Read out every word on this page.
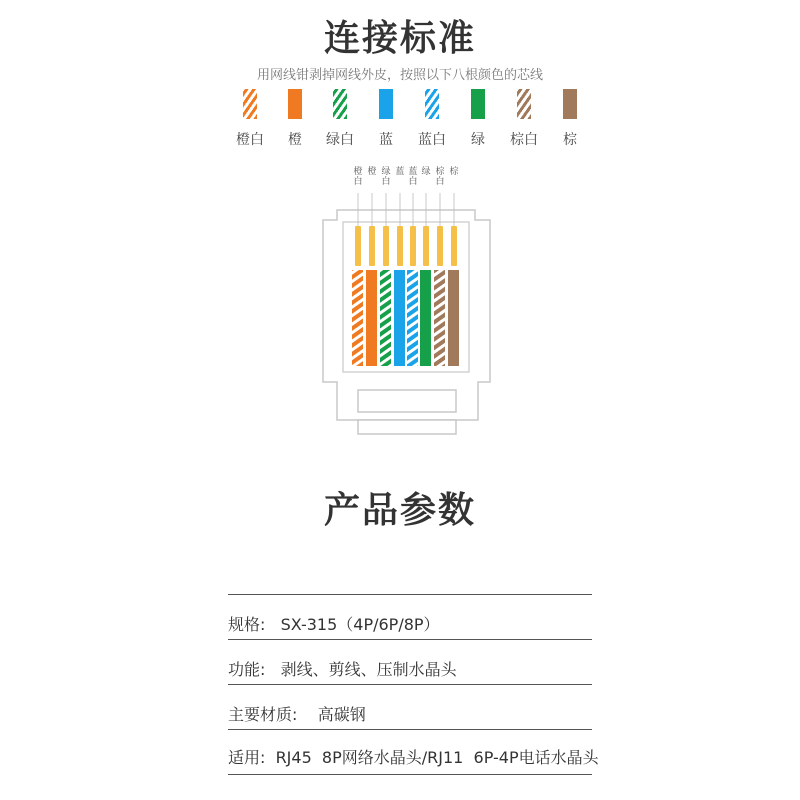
连接标准
用网线钳剥掉网线外皮，按照以下八根颜色的芯线
橙白	橙	绿白	蓝	蓝白	绿	棕白	棕
橙
白
橙 绿
白
蓝 蓝
白
绿 棕
白
棕
产品参数
规格:   SX-315（4P/6P/8P）
功能:   剥线、剪线、压制水晶头
主要材质:    高碳钢
适用:  RJ45  8P网络水晶头/RJ11  6P-4P电话水晶头
